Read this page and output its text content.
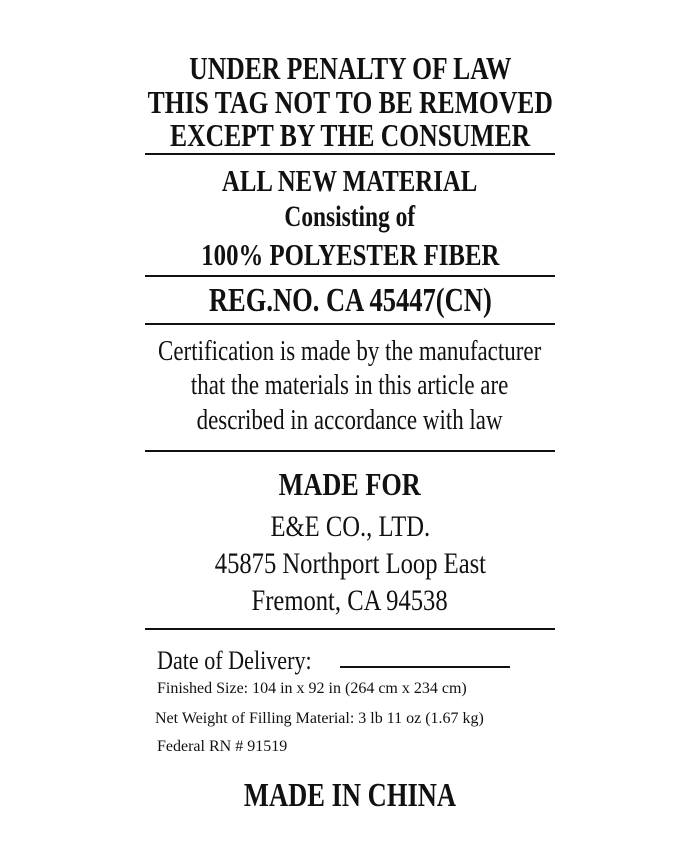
UNDER PENALTY OF LAW
THIS TAG NOT TO BE REMOVED
EXCEPT BY THE CONSUMER
ALL NEW MATERIAL
Consisting of
100% POLYESTER FIBER
REG.NO. CA 45447(CN)
Certification is made by the manufacturer
that the materials in this article are
described in accordance with law
MADE FOR
E&E CO., LTD.
45875 Northport Loop East
Fremont, CA 94538
Date of Delivery:
Finished Size: 104 in x 92 in (264 cm x 234 cm)
Net Weight of Filling Material: 3 lb 11 oz (1.67 kg)
Federal RN # 91519
MADE IN CHINA
